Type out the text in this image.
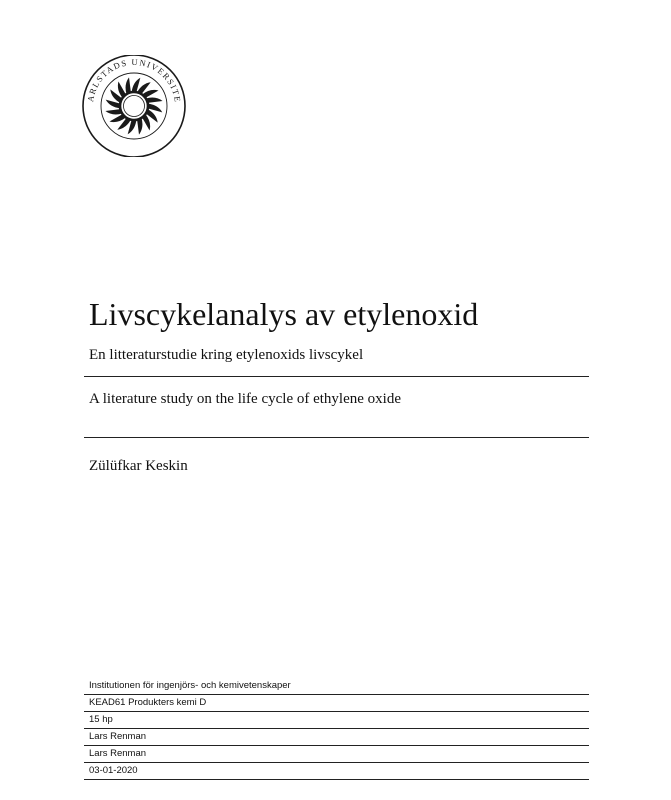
ARLSTADS UNIVERSITE
Livscykelanalys av etylenoxid

En litteraturstudie kring etylenoxids livscykel

A literature study on the life cycle of ethylene oxide

Zülüfkar Keskin

Institutionen för ingenjörs- och kemivetenskaper
KEAD61 Produkters kemi D
15 hp
Lars Renman
Lars Renman
03-01-2020
